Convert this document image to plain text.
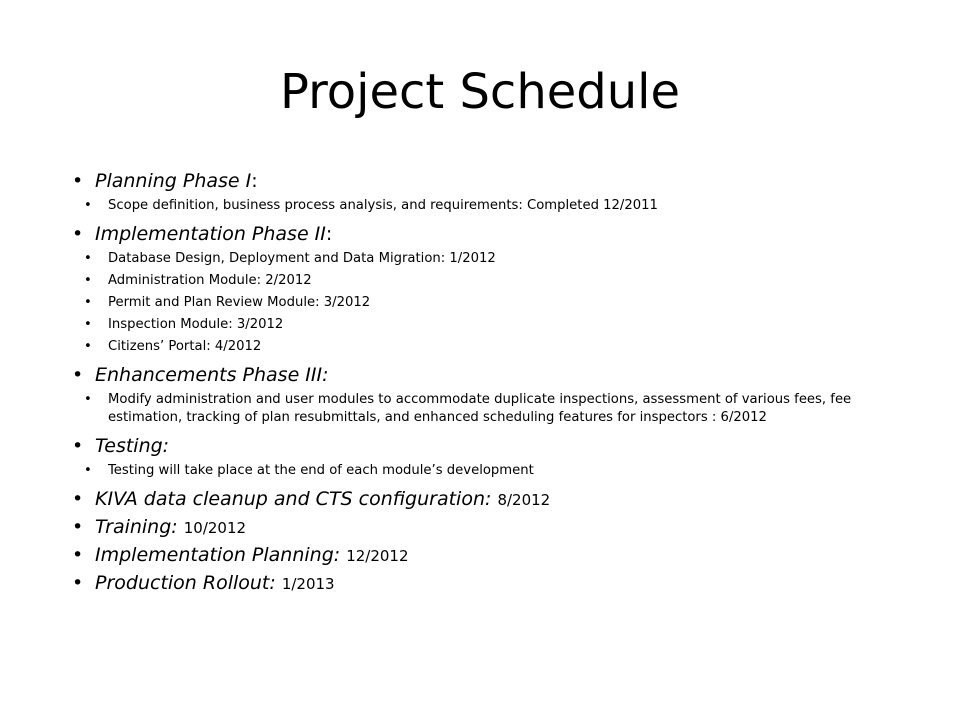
Project Schedule
• Planning Phase I:
• Scope definition, business process analysis, and requirements: Completed 12/2011
• Implementation Phase II:
• Database Design, Deployment and Data Migration: 1/2012
• Administration Module: 2/2012
• Permit and Plan Review Module: 3/2012
• Inspection Module: 3/2012
• Citizens’ Portal: 4/2012
• Enhancements Phase III:
• Modify administration and user modules to accommodate duplicate inspections, assessment of various fees, fee estimation, tracking of plan resubmittals, and enhanced scheduling features for inspectors : 6/2012
• Testing:
• Testing will take place at the end of each module’s development
• KIVA data cleanup and CTS configuration: 8/2012
• Training: 10/2012
• Implementation Planning: 12/2012
• Production Rollout: 1/2013
